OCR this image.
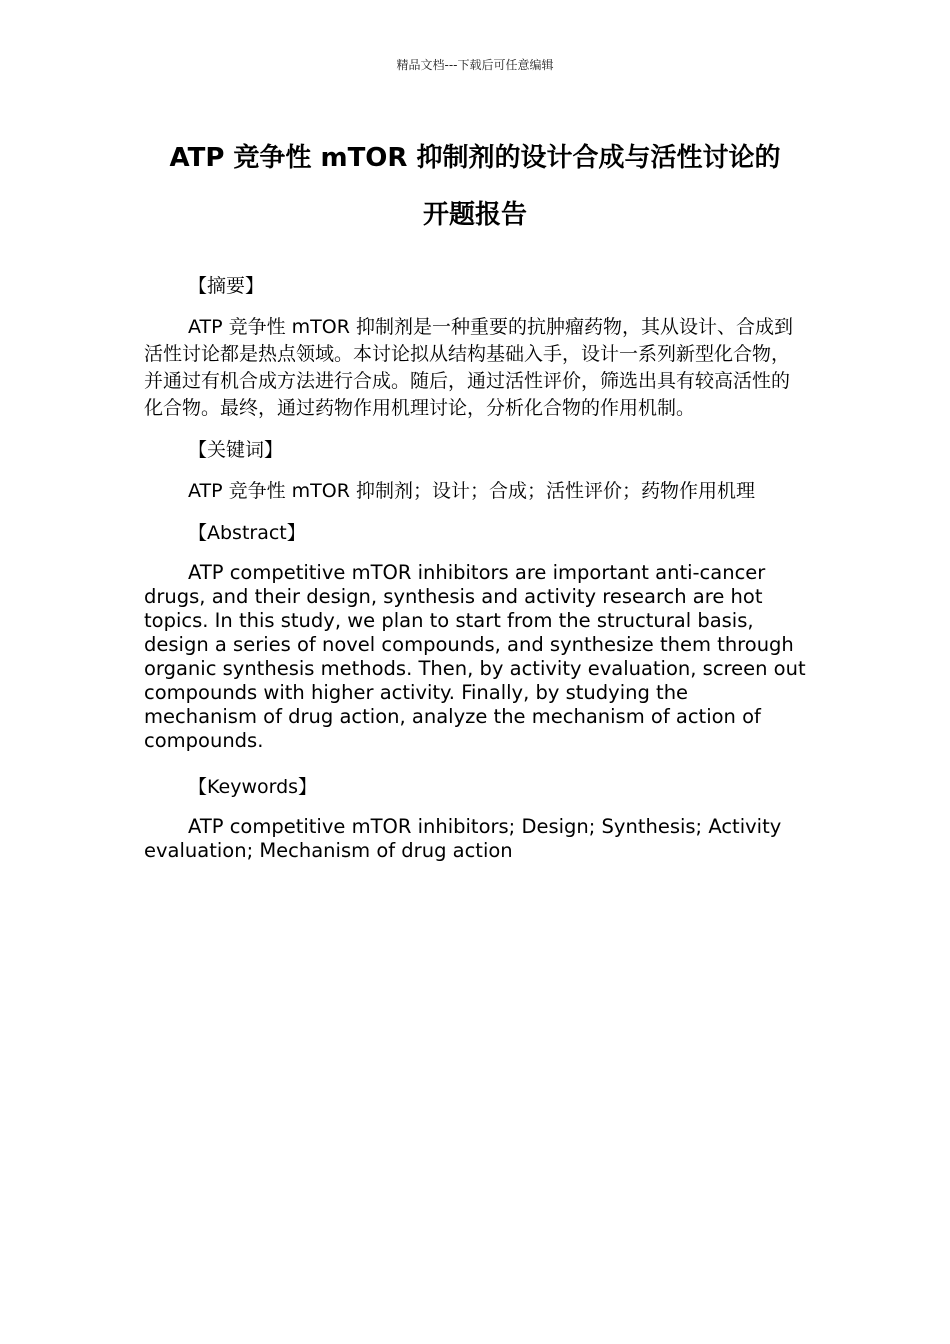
精品文档---下载后可任意编辑
ATP 竞争性 mTOR 抑制剂的设计合成与活性讨论的
开题报告

【摘要】

ATP 竞争性 mTOR 抑制剂是一种重要的抗肿瘤药物，其从设计、合成到活性讨论都是热点领域。本讨论拟从结构基础入手，设计一系列新型化合物，并通过有机合成方法进行合成。随后，通过活性评价，筛选出具有较高活性的化合物。最终，通过药物作用机理讨论，分析化合物的作用机制。

【关键词】

ATP 竞争性 mTOR 抑制剂；设计；合成；活性评价；药物作用机理

【Abstract】

ATP competitive mTOR inhibitors are important anti-cancer drugs, and their design, synthesis and activity research are hot topics. In this study, we plan to start from the structural basis, design a series of novel compounds, and synthesize them through organic synthesis methods. Then, by activity evaluation, screen out compounds with higher activity. Finally, by studying the mechanism of drug action, analyze the mechanism of action of compounds.

【Keywords】

ATP competitive mTOR inhibitors; Design; Synthesis; Activity evaluation; Mechanism of drug action
